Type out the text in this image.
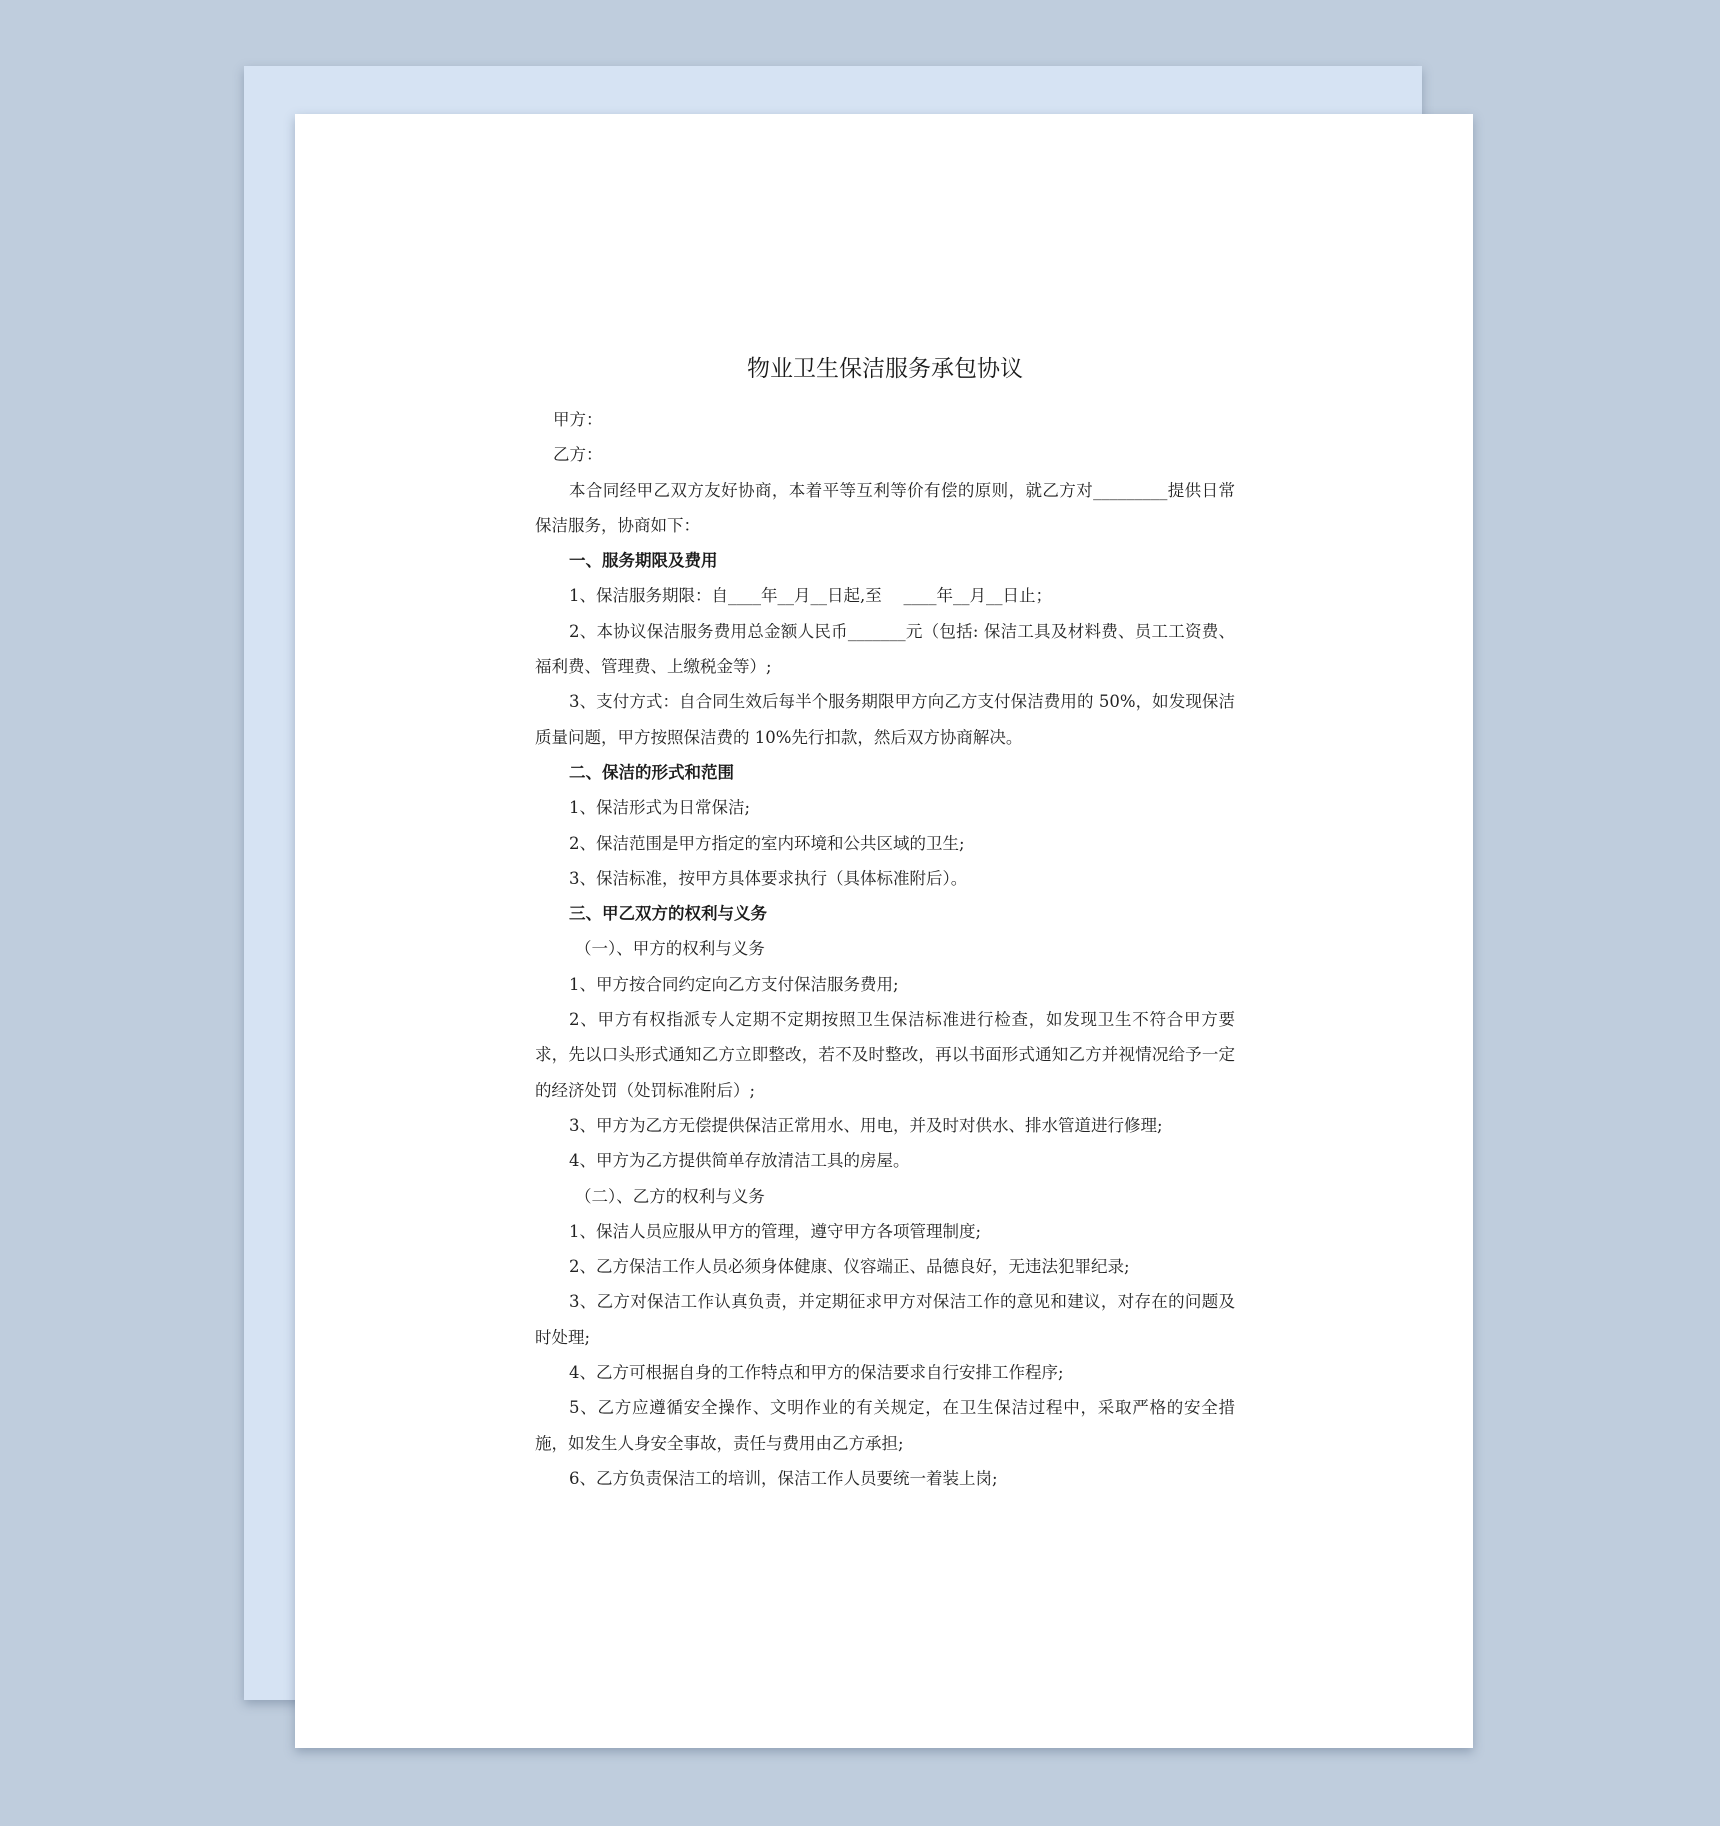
物业卫生保洁服务承包协议

甲方：

乙方：

本合同经甲乙双方友好协商，本着平等互利等价有偿的原则，就乙方对_________提供日常保洁服务，协商如下：

一、服务期限及费用

1、保洁服务期限：自____年__月__日起,至　 ____年__月__日止；

2、本协议保洁服务费用总金额人民币_______元（包括: 保洁工具及材料费、员工工资费、福利费、管理费、上缴税金等）;

3、支付方式：自合同生效后每半个服务期限甲方向乙方支付保洁费用的 50%，如发现保洁质量问题，甲方按照保洁费的 10%先行扣款，然后双方协商解决。

二、保洁的形式和范围

1、保洁形式为日常保洁;

2、保洁范围是甲方指定的室内环境和公共区域的卫生;

3、保洁标准，按甲方具体要求执行（具体标准附后）。

三、甲乙双方的权利与义务

（一）、甲方的权利与义务

1、甲方按合同约定向乙方支付保洁服务费用;

2、甲方有权指派专人定期不定期按照卫生保洁标准进行检查，如发现卫生不符合甲方要求，先以口头形式通知乙方立即整改，若不及时整改，再以书面形式通知乙方并视情况给予一定的经济处罚（处罚标准附后）;

3、甲方为乙方无偿提供保洁正常用水、用电，并及时对供水、排水管道进行修理;

4、甲方为乙方提供简单存放清洁工具的房屋。

（二）、乙方的权利与义务

1、保洁人员应服从甲方的管理，遵守甲方各项管理制度;

2、乙方保洁工作人员必须身体健康、仪容端正、品德良好，无违法犯罪纪录;

3、乙方对保洁工作认真负责，并定期征求甲方对保洁工作的意见和建议，对存在的问题及时处理;

4、乙方可根据自身的工作特点和甲方的保洁要求自行安排工作程序;

5、乙方应遵循安全操作、文明作业的有关规定，在卫生保洁过程中，采取严格的安全措施，如发生人身安全事故，责任与费用由乙方承担;

6、乙方负责保洁工的培训，保洁工作人员要统一着装上岗;
